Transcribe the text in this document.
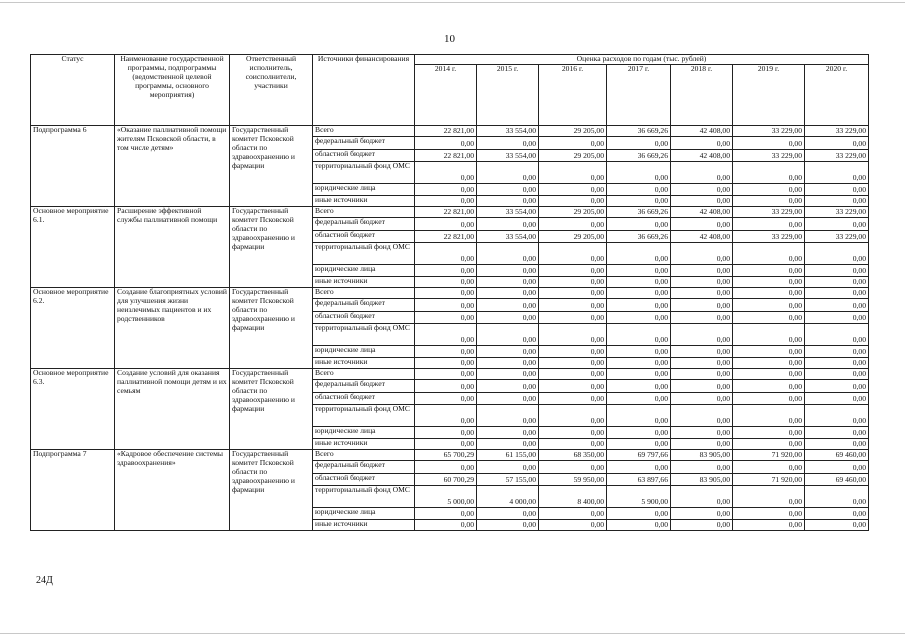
10
Статус	Наименование государственной программы, подпрограммы (ведомственной целевой программы, основного мероприятия)	Ответственный исполнитель, соисполнители, участники	Источники финансирования	Оценка расходов по годам (тыс. рублей)						
				2014 г.	2015 г.	2016 г.	2017 г.	2018 г.	2019 г.	2020 г.
Подпрограмма 6	«Оказание паллиативной помощи жителям Псковской области, в том числе детям»	Государственный комитет Псковской области по здравоохранению и фармации	Всего	22 821,00	33 554,00	29 205,00	36 669,26	42 408,00	33 229,00	33 229,00
			федеральный бюджет	0,00	0,00	0,00	0,00	0,00	0,00	0,00
			областной бюджет	22 821,00	33 554,00	29 205,00	36 669,26	42 408,00	33 229,00	33 229,00
			территориальный фонд ОМС	0,00	0,00	0,00	0,00	0,00	0,00	0,00
			юридические лица	0,00	0,00	0,00	0,00	0,00	0,00	0,00
			иные источники	0,00	0,00	0,00	0,00	0,00	0,00	0,00
Основное мероприятие 6.1.	Расширение эффективной службы паллиативной помощи	Государственный комитет Псковской области по здравоохранению и фармации	Всего	22 821,00	33 554,00	29 205,00	36 669,26	42 408,00	33 229,00	33 229,00
			федеральный бюджет	0,00	0,00	0,00	0,00	0,00	0,00	0,00
			областной бюджет	22 821,00	33 554,00	29 205,00	36 669,26	42 408,00	33 229,00	33 229,00
			территориальный фонд ОМС	0,00	0,00	0,00	0,00	0,00	0,00	0,00
			юридические лица	0,00	0,00	0,00	0,00	0,00	0,00	0,00
			иные источники	0,00	0,00	0,00	0,00	0,00	0,00	0,00
Основное мероприятие 6.2.	Создание благоприятных условий для улучшения жизни неизлечимых пациентов и их родственников	Государственный комитет Псковской области по здравоохранению и фармации	Всего	0,00	0,00	0,00	0,00	0,00	0,00	0,00
			федеральный бюджет	0,00	0,00	0,00	0,00	0,00	0,00	0,00
			областной бюджет	0,00	0,00	0,00	0,00	0,00	0,00	0,00
			территориальный фонд ОМС	0,00	0,00	0,00	0,00	0,00	0,00	0,00
			юридические лица	0,00	0,00	0,00	0,00	0,00	0,00	0,00
			иные источники	0,00	0,00	0,00	0,00	0,00	0,00	0,00
Основное мероприятие 6.3.	Создание условий для оказания паллиативной помощи детям и их семьям	Государственный комитет Псковской области по здравоохранению и фармации	Всего	0,00	0,00	0,00	0,00	0,00	0,00	0,00
			федеральный бюджет	0,00	0,00	0,00	0,00	0,00	0,00	0,00
			областной бюджет	0,00	0,00	0,00	0,00	0,00	0,00	0,00
			территориальный фонд ОМС	0,00	0,00	0,00	0,00	0,00	0,00	0,00
			юридические лица	0,00	0,00	0,00	0,00	0,00	0,00	0,00
			иные источники	0,00	0,00	0,00	0,00	0,00	0,00	0,00
Подпрограмма 7	«Кадровое обеспечение системы здравоохранения»	Государственный комитет Псковской области по здравоохранению и фармации	Всего	65 700,29	61 155,00	68 350,00	69 797,66	83 905,00	71 920,00	69 460,00
			федеральный бюджет	0,00	0,00	0,00	0,00	0,00	0,00	0,00
			областной бюджет	60 700,29	57 155,00	59 950,00	63 897,66	83 905,00	71 920,00	69 460,00
			территориальный фонд ОМС	5 000,00	4 000,00	8 400,00	5 900,00	0,00	0,00	0,00
			юридические лица	0,00	0,00	0,00	0,00	0,00	0,00	0,00
			иные источники	0,00	0,00	0,00	0,00	0,00	0,00	0,00
24Д
